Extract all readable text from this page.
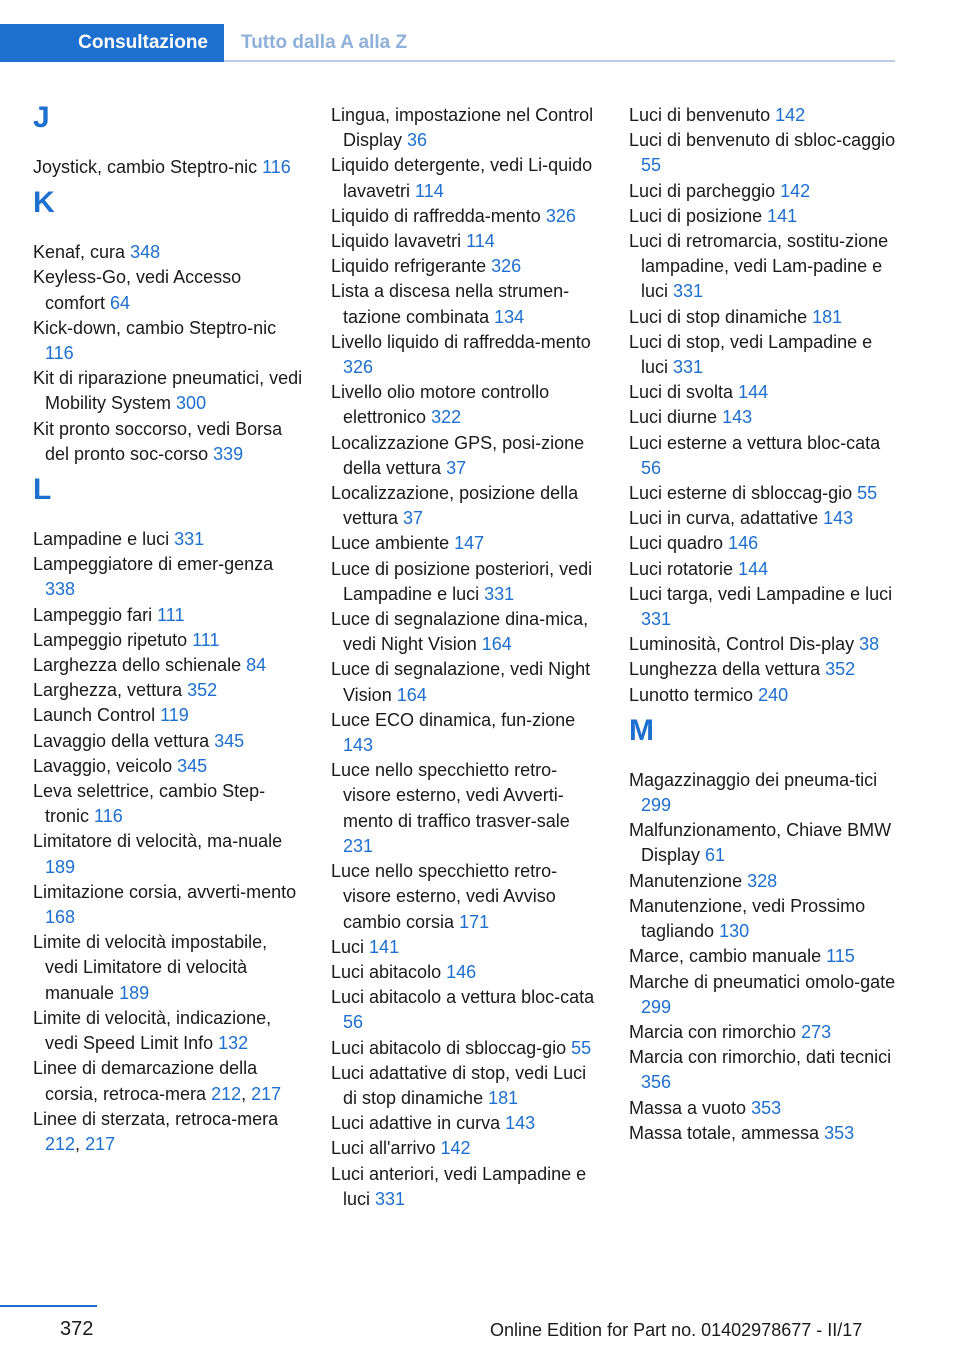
Consultazione	Tutto dalla A alla Z
J
Joystick, cambio Steptro-nic 116
K
Kenaf, cura 348
Keyless-Go, vedi Accesso comfort 64
Kick-down, cambio Steptro-nic 116
Kit di riparazione pneumatici, vedi Mobility System 300
Kit pronto soccorso, vedi Borsa del pronto soc-corso 339
L
Lampadine e luci 331
Lampeggiatore di emer-genza 338
Lampeggio fari 111
Lampeggio ripetuto 111
Larghezza dello schienale 84
Larghezza, vettura 352
Launch Control 119
Lavaggio della vettura 345
Lavaggio, veicolo 345
Leva selettrice, cambio Step-tronic 116
Limitatore di velocità, ma-nuale 189
Limitazione corsia, avverti-mento 168
Limite di velocità impostabile, vedi Limitatore di velocità manuale 189
Limite di velocità, indicazione, vedi Speed Limit Info 132
Linee di demarcazione della corsia, retroca-mera 212, 217
Linee di sterzata, retroca-mera 212, 217
Lingua, impostazione nel Control Display 36
Liquido detergente, vedi Li-quido lavavetri 114
Liquido di raffredda-mento 326
Liquido lavavetri 114
Liquido refrigerante 326
Lista a discesa nella strumen-tazione combinata 134
Livello liquido di raffredda-mento 326
Livello olio motore controllo elettronico 322
Localizzazione GPS, posi-zione della vettura 37
Localizzazione, posizione della vettura 37
Luce ambiente 147
Luce di posizione posteriori, vedi Lampadine e luci 331
Luce di segnalazione dina-mica, vedi Night Vision 164
Luce di segnalazione, vedi Night Vision 164
Luce ECO dinamica, fun-zione 143
Luce nello specchietto retro-visore esterno, vedi Avverti-mento di traffico trasver-sale 231
Luce nello specchietto retro-visore esterno, vedi Avviso cambio corsia 171
Luci 141
Luci abitacolo 146
Luci abitacolo a vettura bloc-cata 56
Luci abitacolo di sbloccag-gio 55
Luci adattative di stop, vedi Luci di stop dinamiche 181
Luci adattive in curva 143
Luci all'arrivo 142
Luci anteriori, vedi Lampadine e luci 331
Luci di benvenuto 142
Luci di benvenuto di sbloc-caggio 55
Luci di parcheggio 142
Luci di posizione 141
Luci di retromarcia, sostitu-zione lampadine, vedi Lam-padine e luci 331
Luci di stop dinamiche 181
Luci di stop, vedi Lampadine e luci 331
Luci di svolta 144
Luci diurne 143
Luci esterne a vettura bloc-cata 56
Luci esterne di sbloccag-gio 55
Luci in curva, adattative 143
Luci quadro 146
Luci rotatorie 144
Luci targa, vedi Lampadine e luci 331
Luminosità, Control Dis-play 38
Lunghezza della vettura 352
Lunotto termico 240
M
Magazzinaggio dei pneuma-tici 299
Malfunzionamento, Chiave BMW Display 61
Manutenzione 328
Manutenzione, vedi Prossimo tagliando 130
Marce, cambio manuale 115
Marche di pneumatici omolo-gate 299
Marcia con rimorchio 273
Marcia con rimorchio, dati tecnici 356
Massa a vuoto 353
Massa totale, ammessa 353
372	Online Edition for Part no. 01402978677 - II/17
